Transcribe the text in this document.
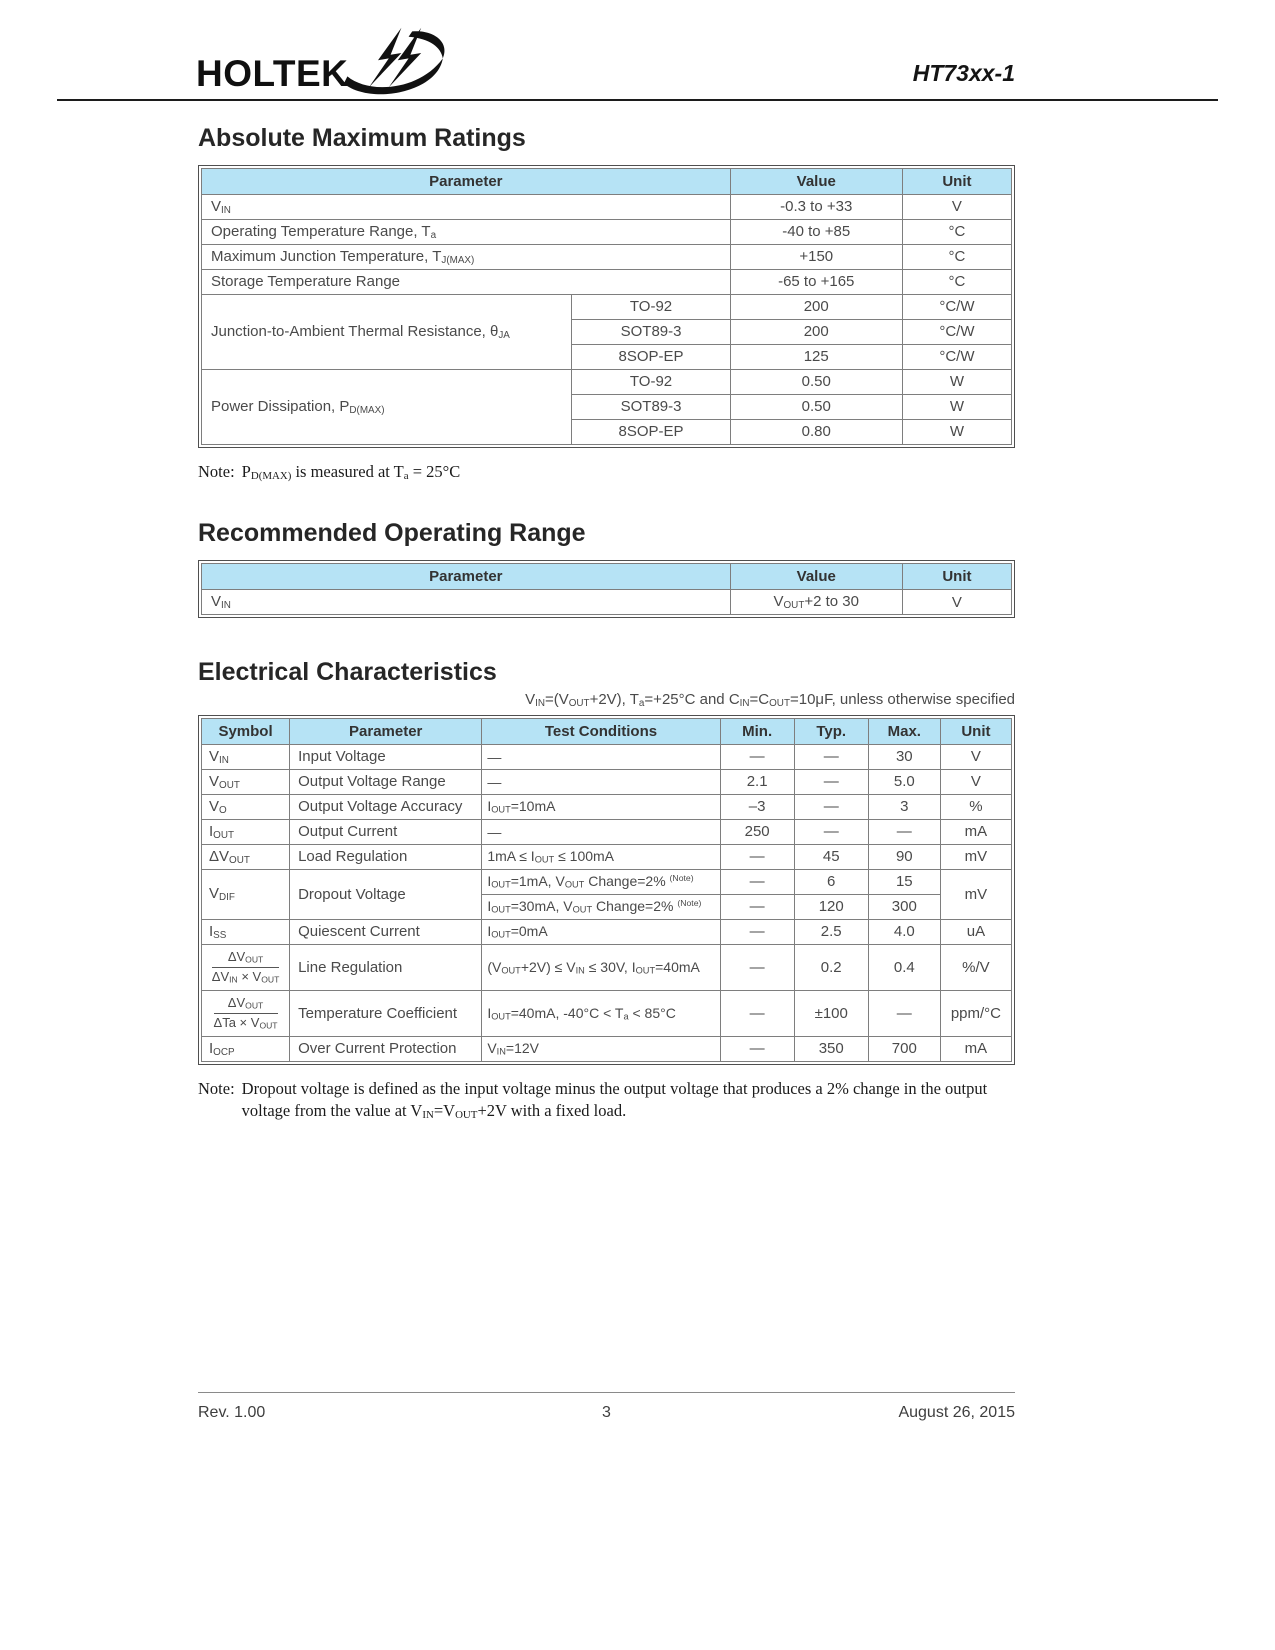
HOLTEK	HT73xx-1
Absolute Maximum Ratings
Parameter		Value	Unit
$V_{IN}$		-0.3 to +33	V
Operating Temperature Range, $T_a$		-40 to +85	°C
Maximum Junction Temperature, $T_{J(MAX)}$		+150	°C
Storage Temperature Range		-65 to +165	°C
Junction-to-Ambient Thermal Resistance, $\theta_{JA}$	TO-92	200	°C/W
	SOT89-3	200	°C/W
	8SOP-EP	125	°C/W
Power Dissipation, $P_{D(MAX)}$	TO-92	0.50	W
	SOT89-3	0.50	W
	8SOP-EP	0.80	W
Note: $P_{D(MAX)}$ is measured at $T_a = 25^\circ C$
Recommended Operating Range
Parameter	Value	Unit
$V_{IN}$	$V_{OUT}+2$ to 30	V
Electrical Characteristics
$V_{IN}=(V_{OUT}+2V)$, $T_a=+25^\circ C$ and $C_{IN}=C_{OUT}=10\mu F$, unless otherwise specified
Symbol	Parameter	Test Conditions	Min.	Typ.	Max.	Unit
$V_{IN}$	Input Voltage	—	—	—	30	V
$V_{OUT}$	Output Voltage Range	—	2.1	—	5.0	V
$V_O$	Output Voltage Accuracy	$I_{OUT}=10mA$	–3	—	3	%
$I_{OUT}$	Output Current	—	250	—	—	mA
$\Delta V_{OUT}$	Load Regulation	$1mA \le I_{OUT} \le 100mA$	—	45	90	mV
$V_{DIF}$	Dropout Voltage	$I_{OUT}=1mA$, $V_{OUT}$ Change=2% $^{(Note)}$	—	6	15	mV
		$I_{OUT}=30mA$, $V_{OUT}$ Change=2% $^{(Note)}$	—	120	300	
$I_{SS}$	Quiescent Current	$I_{OUT}=0mA$	—	2.5	4.0	uA

$\frac{\Delta V_{OUT}}{\Delta V_{IN} \times V_{OUT}}$	Line Regulation	$(V_{OUT}+2V) \le V_{IN} \le 30V$, $I_{OUT}=40mA$	—	0.2	0.4	%/V

$\frac{\Delta V_{OUT}}{\Delta Ta \times V_{OUT}}$	Temperature Coefficient	$I_{OUT}=40mA$, $-40^\circ C < T_a < 85^\circ C$	—	±100	—	ppm/°C
$I_{OCP}$	Over Current Protection	$V_{IN}=12V$	—	350	700	mA
Note: Dropout voltage is defined as the input voltage minus the output voltage that produces a 2% change in the output voltage from the value at $V_{IN}=V_{OUT}+2V$ with a fixed load.
Rev. 1.00	3	August 26, 2015
